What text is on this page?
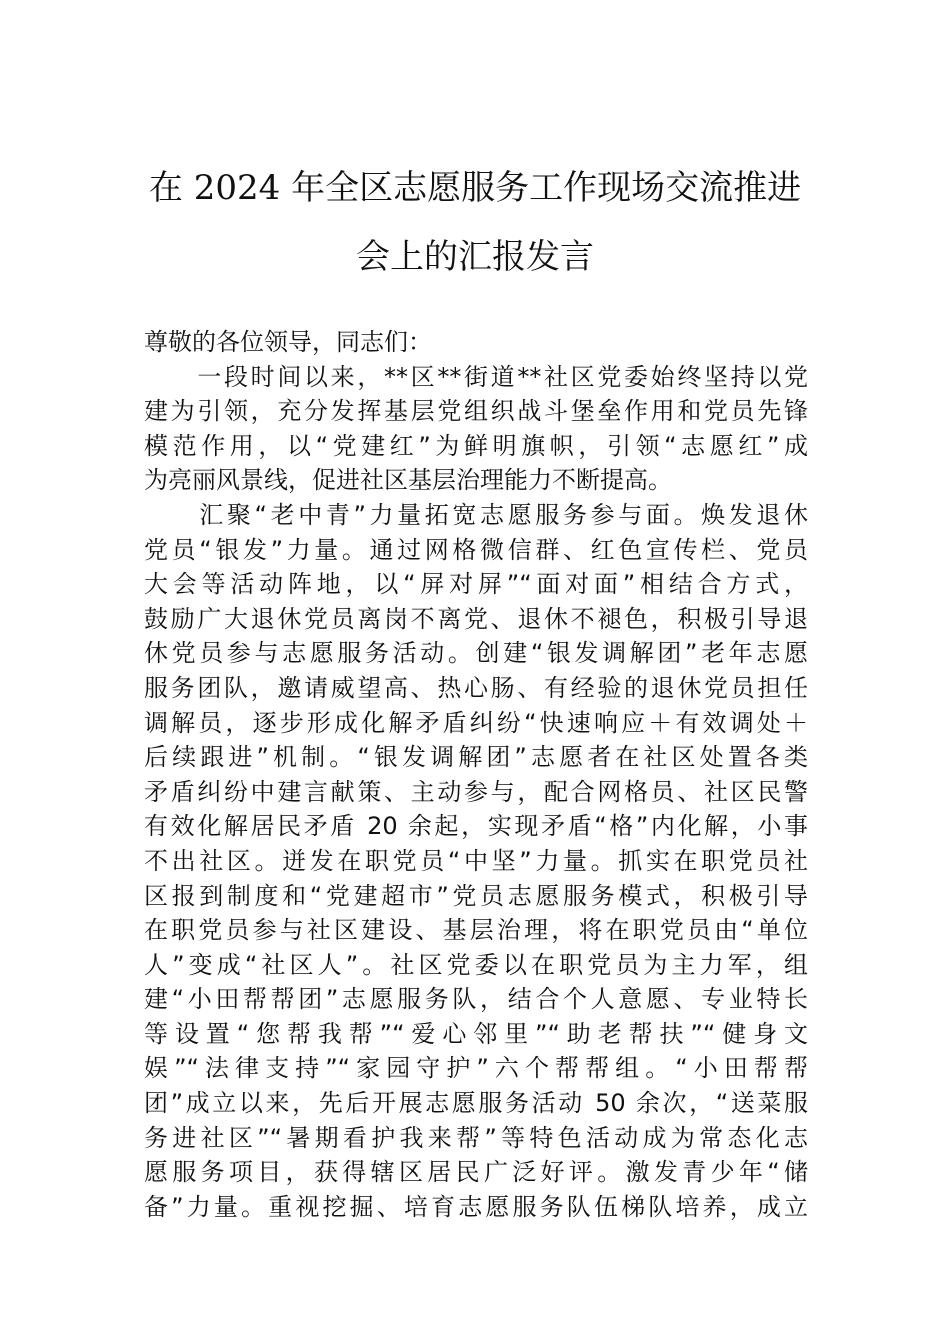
在 2024 年全区志愿服务工作现场交流推进
会上的汇报发言
尊敬的各位领导，同志们：
　　一段时间以来，**区**街道**社区党委始终坚持以党
建为引领，充分发挥基层党组织战斗堡垒作用和党员先锋
模范作用，以“党建红”为鲜明旗帜，引领“志愿红”成
为亮丽风景线，促进社区基层治理能力不断提高。
　　汇聚“老中青”力量拓宽志愿服务参与面。焕发退休
党员“银发”力量。通过网格微信群、红色宣传栏、党员
大会等活动阵地，以“屏对屏”“面对面”相结合方式，
鼓励广大退休党员离岗不离党、退休不褪色，积极引导退
休党员参与志愿服务活动。创建“银发调解团”老年志愿
服务团队，邀请威望高、热心肠、有经验的退休党员担任
调解员，逐步形成化解矛盾纠纷“快速响应＋有效调处＋
后续跟进”机制。“银发调解团”志愿者在社区处置各类
矛盾纠纷中建言献策、主动参与，配合网格员、社区民警
有效化解居民矛盾 20 余起，实现矛盾“格”内化解，小事
不出社区。迸发在职党员“中坚”力量。抓实在职党员社
区报到制度和“党建超市”党员志愿服务模式，积极引导
在职党员参与社区建设、基层治理，将在职党员由“单位
人”变成“社区人”。社区党委以在职党员为主力军，组
建“小田帮帮团”志愿服务队，结合个人意愿、专业特长
等设置“您帮我帮”“爱心邻里”“助老帮扶”“健身文
娱”“法律支持”“家园守护”六个帮帮组。“小田帮帮
团”成立以来，先后开展志愿服务活动 50 余次，“送菜服
务进社区”“暑期看护我来帮”等特色活动成为常态化志
愿服务项目，获得辖区居民广泛好评。激发青少年“储
备”力量。重视挖掘、培育志愿服务队伍梯队培养，成立
